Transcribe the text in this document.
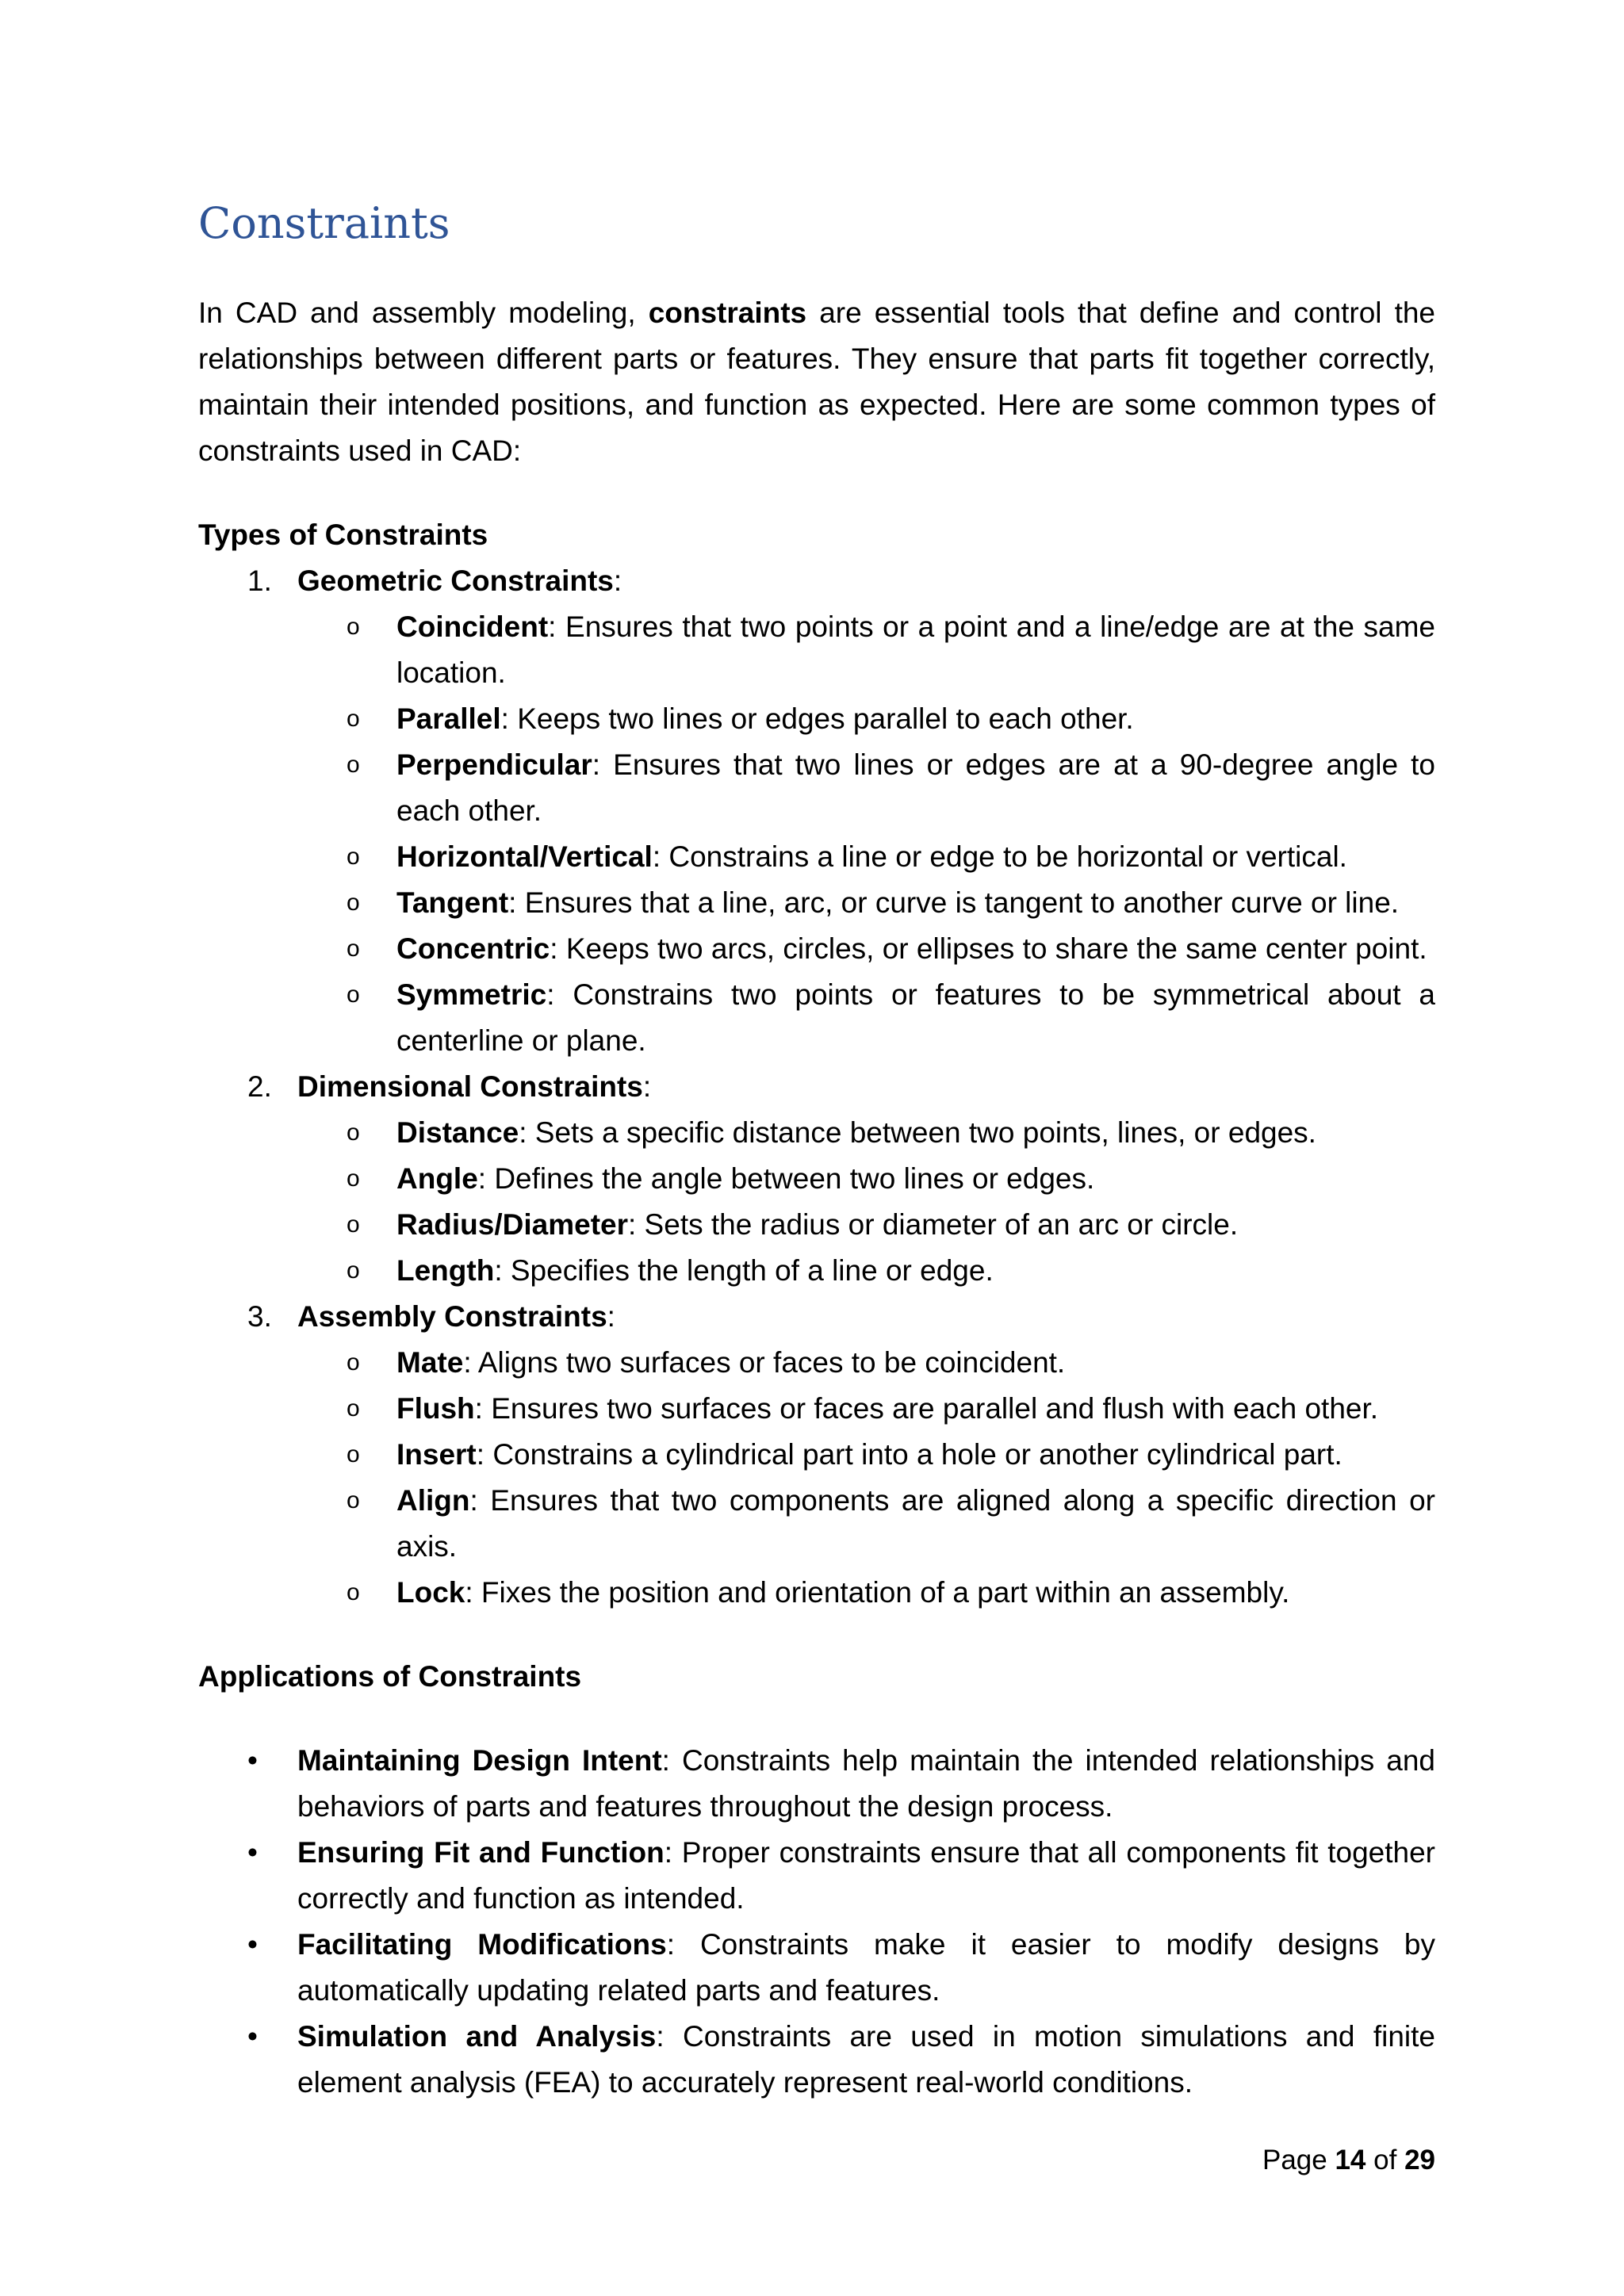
Constraints

In CAD and assembly modeling, constraints are essential tools that define and control the relationships between different parts or features. They ensure that parts fit together correctly, maintain their intended positions, and function as expected. Here are some common types of constraints used in CAD:

Types of Constraints
1. Geometric Constraints:
o Coincident: Ensures that two points or a point and a line/edge are at the same location.
o Parallel: Keeps two lines or edges parallel to each other.
o Perpendicular: Ensures that two lines or edges are at a 90-degree angle to each other.
o Horizontal/Vertical: Constrains a line or edge to be horizontal or vertical.
o Tangent: Ensures that a line, arc, or curve is tangent to another curve or line.
o Concentric: Keeps two arcs, circles, or ellipses to share the same center point.
o Symmetric: Constrains two points or features to be symmetrical about a centerline or plane.
2. Dimensional Constraints:
o Distance: Sets a specific distance between two points, lines, or edges.
o Angle: Defines the angle between two lines or edges.
o Radius/Diameter: Sets the radius or diameter of an arc or circle.
o Length: Specifies the length of a line or edge.
3. Assembly Constraints:
o Mate: Aligns two surfaces or faces to be coincident.
o Flush: Ensures two surfaces or faces are parallel and flush with each other.
o Insert: Constrains a cylindrical part into a hole or another cylindrical part.
o Align: Ensures that two components are aligned along a specific direction or axis.
o Lock: Fixes the position and orientation of a part within an assembly.
Applications of Constraints
• Maintaining Design Intent: Constraints help maintain the intended relationships and behaviors of parts and features throughout the design process.
• Ensuring Fit and Function: Proper constraints ensure that all components fit together correctly and function as intended.
• Facilitating Modifications: Constraints make it easier to modify designs by automatically updating related parts and features.
• Simulation and Analysis: Constraints are used in motion simulations and finite element analysis (FEA) to accurately represent real-world conditions.
Page 14 of 29
